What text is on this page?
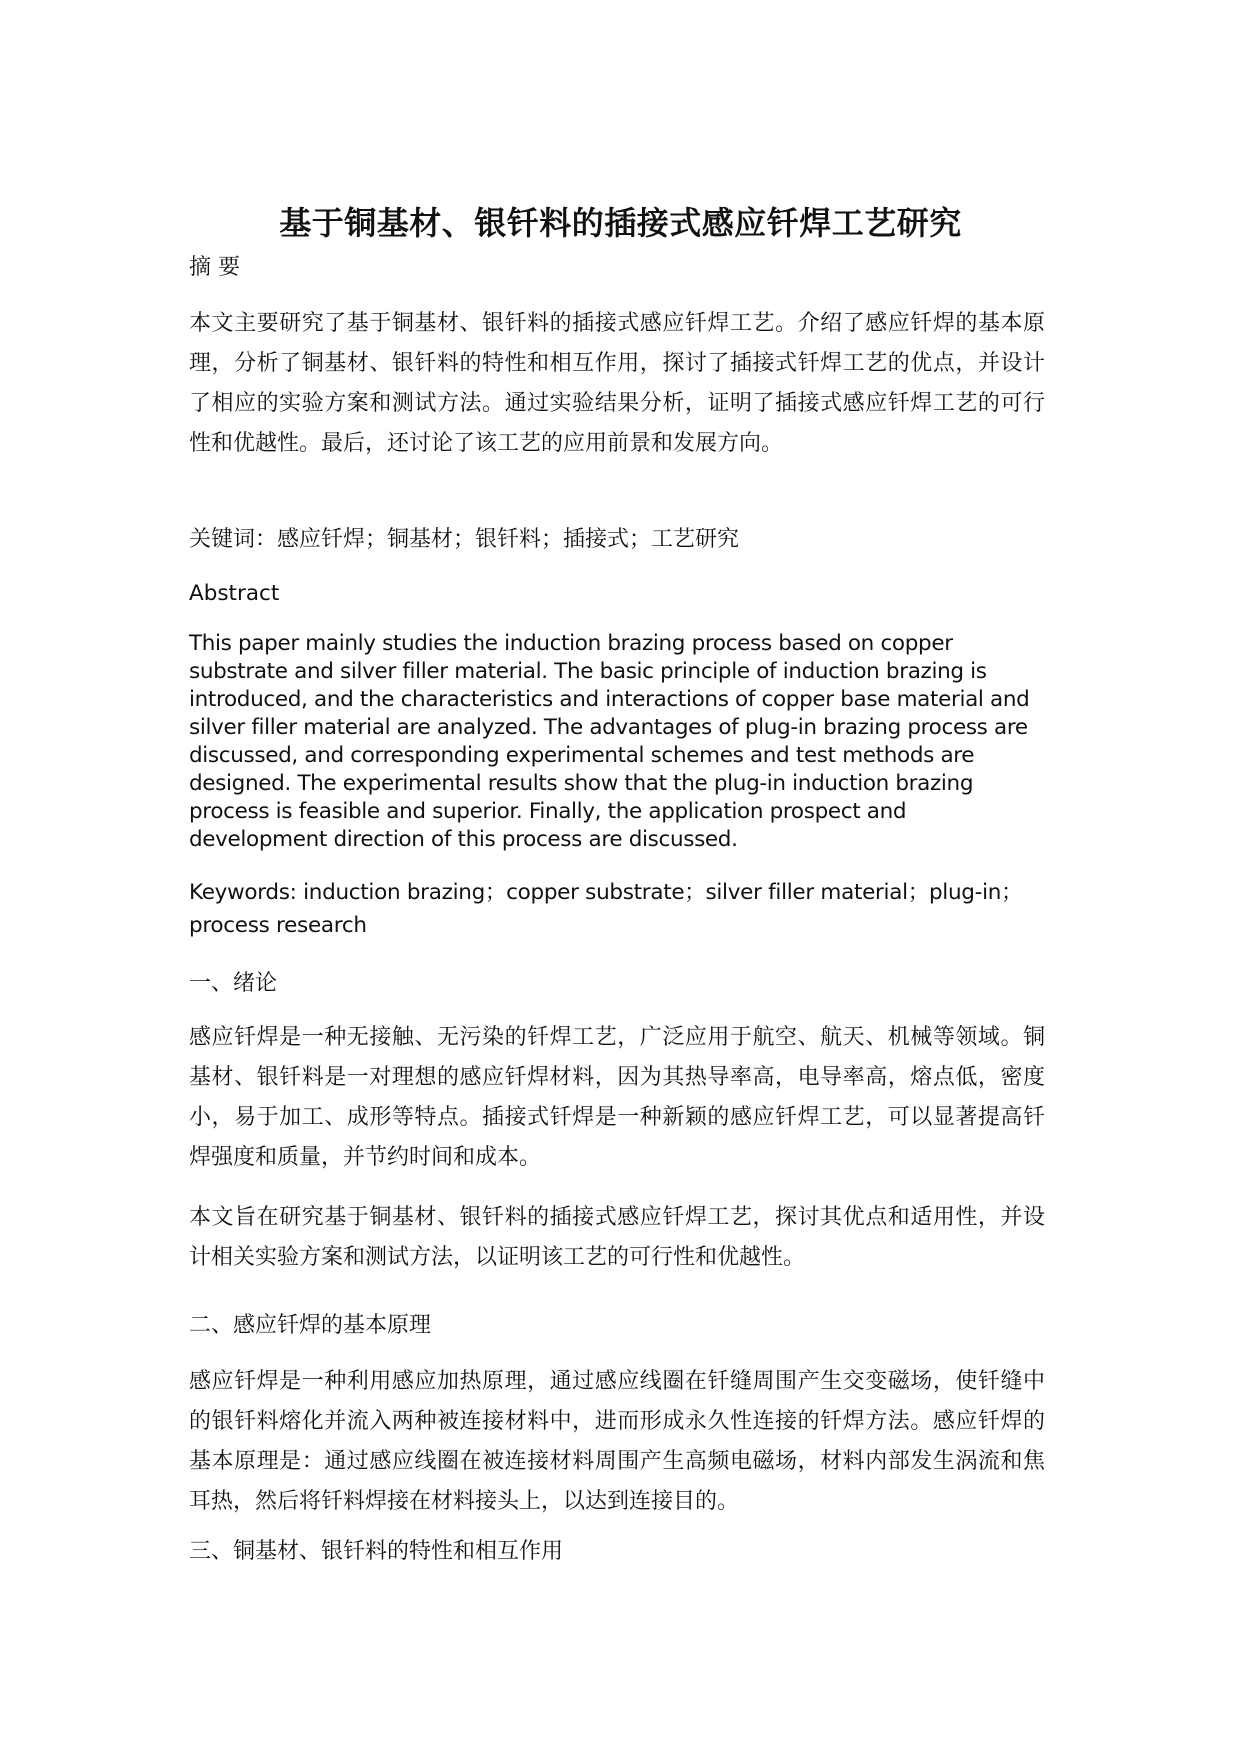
基于铜基材、银钎料的插接式感应钎焊工艺研究

摘 要

本文主要研究了基于铜基材、银钎料的插接式感应钎焊工艺。介绍了感应钎焊的基本原理，分析了铜基材、银钎料的特性和相互作用，探讨了插接式钎焊工艺的优点，并设计了相应的实验方案和测试方法。通过实验结果分析，证明了插接式感应钎焊工艺的可行性和优越性。最后，还讨论了该工艺的应用前景和发展方向。

关键词：感应钎焊；铜基材；银钎料；插接式；工艺研究

Abstract

This paper mainly studies the induction brazing process based on copper substrate and silver filler material. The basic principle of induction brazing is introduced, and the characteristics and interactions of copper base material and silver filler material are analyzed. The advantages of plug-in brazing process are discussed, and corresponding experimental schemes and test methods are designed. The experimental results show that the plug-in induction brazing process is feasible and superior. Finally, the application prospect and development direction of this process are discussed.

Keywords: induction brazing；copper substrate；silver filler material；plug-in；process research

一、绪论

感应钎焊是一种无接触、无污染的钎焊工艺，广泛应用于航空、航天、机械等领域。铜基材、银钎料是一对理想的感应钎焊材料，因为其热导率高，电导率高，熔点低，密度小，易于加工、成形等特点。插接式钎焊是一种新颖的感应钎焊工艺，可以显著提高钎焊强度和质量，并节约时间和成本。

本文旨在研究基于铜基材、银钎料的插接式感应钎焊工艺，探讨其优点和适用性，并设计相关实验方案和测试方法，以证明该工艺的可行性和优越性。

二、感应钎焊的基本原理

感应钎焊是一种利用感应加热原理，通过感应线圈在钎缝周围产生交变磁场，使钎缝中的银钎料熔化并流入两种被连接材料中，进而形成永久性连接的钎焊方法。感应钎焊的基本原理是：通过感应线圈在被连接材料周围产生高频电磁场，材料内部发生涡流和焦耳热，然后将钎料焊接在材料接头上，以达到连接目的。

三、铜基材、银钎料的特性和相互作用
